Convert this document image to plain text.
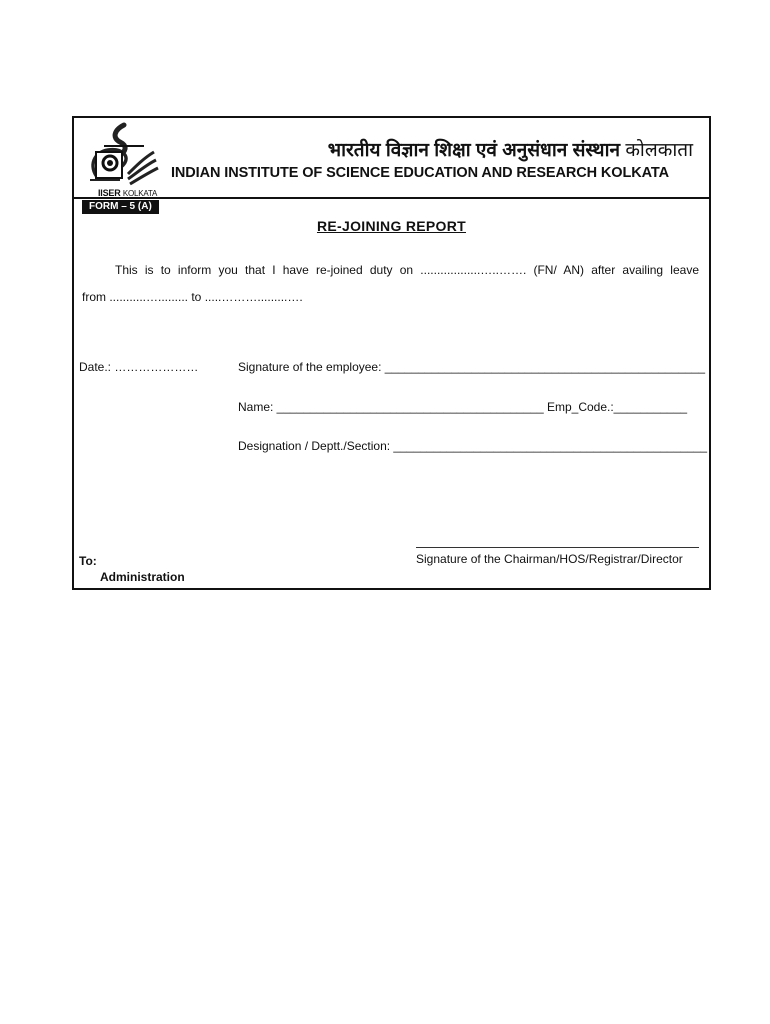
IISER KOLKATA
भारतीय विज्ञान शिक्षा एवं अनुसंधान संस्थान कोलकाता
INDIAN INSTITUTE OF SCIENCE EDUCATION AND RESEARCH KOLKATA
FORM – 5 (A)
RE-JOINING REPORT
This is to inform you that I have re-joined duty on ..................…..……. (FN/ AN) after availing leave
from ...........…......... to .....……….........….
Date.: …………………	Signature of the employee: ________________________________________________
Name: ________________________________________ Emp_Code.:___________
Designation / Deptt./Section: _______________________________________________
Signature of the Chairman/HOS/Registrar/Director
To:
Administration
